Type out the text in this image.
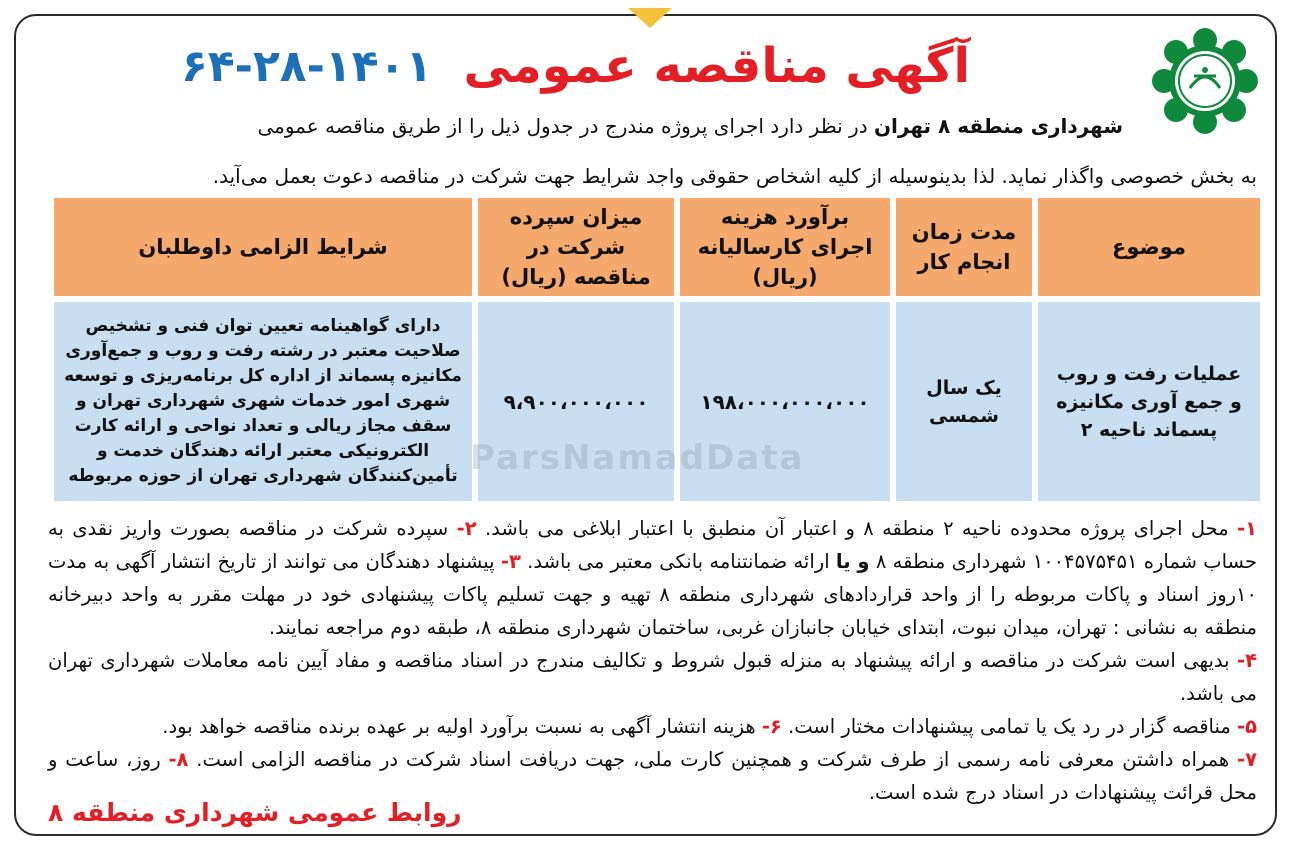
آگهی مناقصه عمومی ۶۴-۲۸-۱۴۰۱
شهرداری منطقه ۸ تهران در نظر دارد اجرای پروژه مندرج در جدول ذیل را از طریق مناقصه عمومی
به بخش خصوصی واگذار نماید. لذا بدینوسیله از کلیه اشخاص حقوقی واجد شرایط جهت شرکت در مناقصه دعوت بعمل می‌آید.
موضوع	مدت زمان انجام کار	برآورد هزینه اجرای کارسالیانه (ریال)	میزان سپرده شرکت در مناقصه (ریال)	شرایط الزامی داوطلبان
عملیات رفت و روب و جمع آوری مکانیزه پسماند ناحیه ۲	یک سال شمسی	۱۹۸،۰۰۰،۰۰۰،۰۰۰	۹،۹۰۰،۰۰۰،۰۰۰	دارای گواهینامه تعیین توان فنی و تشخیص صلاحیت معتبر در رشته رفت و روب و جمع‌آوری مکانیزه پسماند از اداره کل برنامه‌ریزی و توسعه شهری امور خدمات شهری شهرداری تهران و سقف مجاز ریالی و تعداد نواحی و ارائه کارت الکترونیکی معتبر ارائه دهندگان خدمت و تأمین‌کنندگان شهرداری تهران از حوزه مربوطه ParsNamadData
۱- محل اجرای پروژه محدوده ناحیه ۲ منطقه ۸ و اعتبار آن منطبق با اعتبار ابلاغی می باشد. ۲- سپرده شرکت در مناقصه بصورت واریز نقدی به حساب شماره ۱۰۰۴۵۷۵۴۵۱ شهرداری منطقه ۸ و یا ارائه ضمانتنامه بانکی معتبر می باشد. ۳- پیشنهاد دهندگان می توانند از تاریخ انتشار آگهی به مدت ۱۰روز اسناد و پاکات مربوطه را از واحد قراردادهای شهرداری منطقه ۸ تهیه و جهت تسلیم پاکات پیشنهادی خود در مهلت مقرر به واحد دبیرخانه منطقه به نشانی : تهران، میدان نبوت، ابتدای خیابان جانبازان غربی، ساختمان شهرداری منطقه ۸، طبقه دوم مراجعه نمایند.
۴- بدیهی است شرکت در مناقصه و ارائه پیشنهاد به منزله قبول شروط و تکالیف مندرج در اسناد مناقصه و مفاد آیین نامه معاملات شهرداری تهران می باشد.
۵- مناقصه گزار در رد یک یا تمامی پیشنهادات مختار است. ۶- هزینه انتشار آگهی به نسبت برآورد اولیه بر عهده برنده مناقصه خواهد بود.
۷- همراه داشتن معرفی نامه رسمی از طرف شرکت و همچنین کارت ملی، جهت دریافت اسناد شرکت در مناقصه الزامی است. ۸- روز، ساعت و محل قرائت پیشنهادات در اسناد درج شده است.
روابط عمومی شهرداری منطقه ۸
